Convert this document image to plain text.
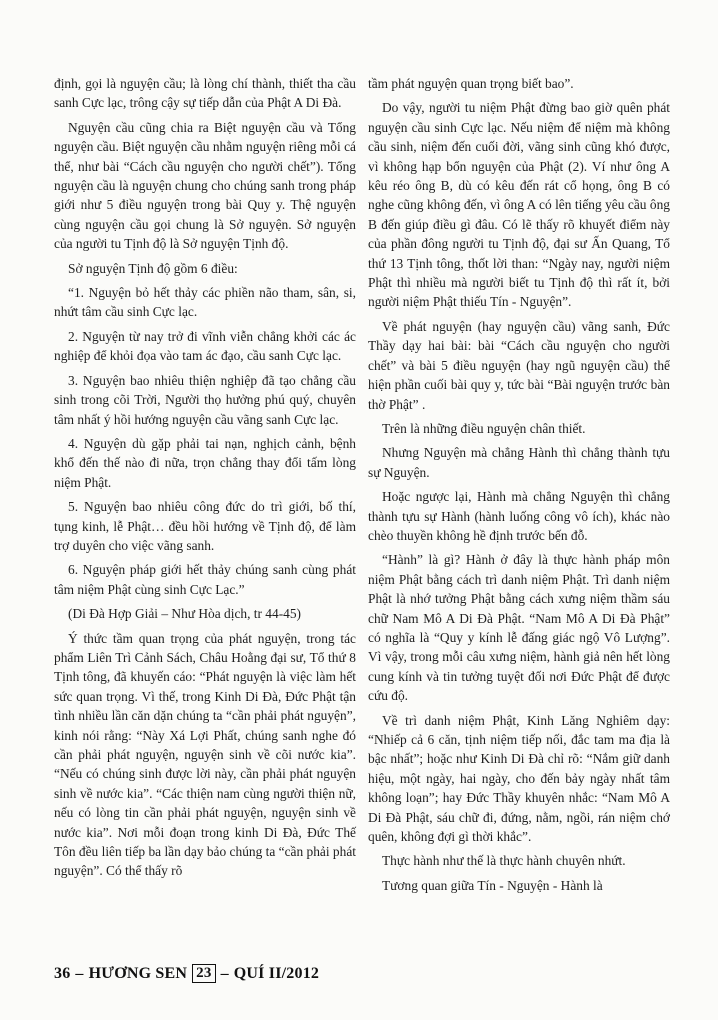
định, gọi là nguyện cầu; là lòng chí thành, thiết tha cầu sanh Cực lạc, trông cậy sự tiếp dẫn của Phật A Di Đà.

Nguyện cầu cũng chia ra Biệt nguyện cầu và Tổng nguyện cầu. Biệt nguyện cầu nhằm nguyện riêng mỗi cá thể, như bài “Cách cầu nguyện cho người chết”). Tổng nguyện cầu là nguyện chung cho chúng sanh trong pháp giới như 5 điều nguyện trong bài Quy y. Thệ nguyện cùng nguyện cầu gọi chung là Sở nguyện. Sở nguyện của người tu Tịnh độ là Sở nguyện Tịnh độ.

Sở nguyện Tịnh độ gồm 6 điều:

“1. Nguyện bỏ hết thảy các phiền não tham, sân, si, nhứt tâm cầu sinh Cực lạc.

2. Nguyện từ nay trở đi vĩnh viễn chẳng khởi các ác nghiệp để khỏi đọa vào tam ác đạo, cầu sanh Cực lạc.

3. Nguyện bao nhiêu thiện nghiệp đã tạo chẳng cầu sinh trong cõi Trời, Người thọ hưởng phú quý, chuyên tâm nhất ý hồi hướng nguyện cầu vãng sanh Cực lạc.

4. Nguyện dù gặp phải tai nạn, nghịch cảnh, bệnh khổ đến thế nào đi nữa, trọn chẳng thay đổi tấm lòng niệm Phật.

5. Nguyện bao nhiêu công đức do trì giới, bố thí, tụng kinh, lễ Phật… đều hồi hướng về Tịnh độ, để làm trợ duyên cho việc vãng sanh.

6. Nguyện pháp giới hết thảy chúng sanh cùng phát tâm niệm Phật cùng sinh Cực Lạc.”

(Di Đà Hợp Giải – Như Hòa dịch, tr 44-45)

Ý thức tầm quan trọng của phát nguyện, trong tác phẩm Liên Trì Cảnh Sách, Châu Hoằng đại sư, Tổ thứ 8 Tịnh tông, đã khuyến cáo: “Phát nguyện là việc làm hết sức quan trọng. Vì thế, trong Kinh Di Đà, Đức Phật tận tình nhiều lần căn dặn chúng ta “cần phải phát nguyện”, kinh nói rằng: “Này Xá Lợi Phất, chúng sanh nghe đó cần phải phát nguyện, nguyện sinh về cõi nước kia”. “Nếu có chúng sinh được lời này, cần phải phát nguyện sinh về nước kia”. “Các thiện nam cùng người thiện nữ, nếu có lòng tin cần phải phát nguyện, nguyện sinh về nước kia”. Nơi mỗi đoạn trong kinh Di Đà, Đức Thế Tôn đều liên tiếp ba lần dạy bảo chúng ta “cần phải phát nguyện”. Có thể thấy rõ

tầm phát nguyện quan trọng biết bao”.

Do vậy, người tu niệm Phật đừng bao giờ quên phát nguyện cầu sinh Cực lạc. Nếu niệm để niệm mà không cầu sinh, niệm đến cuối đời, vãng sinh cũng khó được, vì không hạp bổn nguyện của Phật (2). Ví như ông A kêu réo ông B, dù có kêu đến rát cổ họng, ông B có nghe cũng không đến, vì ông A có lên tiếng yêu cầu ông B đến giúp điều gì đâu. Có lẽ thấy rõ khuyết điểm này của phần đông người tu Tịnh độ, đại sư Ấn Quang, Tổ thứ 13 Tịnh tông, thốt lời than: “Ngày nay, người niệm Phật thì nhiều mà người biết tu Tịnh độ thì rất ít, bởi người niệm Phật thiếu Tín - Nguyện”.

Về phát nguyện (hay nguyện cầu) vãng sanh, Đức Thầy dạy hai bài: bài “Cách cầu nguyện cho người chết” và bài 5 điều nguyện (hay ngũ nguyện cầu) thể hiện phần cuối bài quy y, tức bài “Bài nguyện trước bàn thờ Phật” .

Trên là những điều nguyện chân thiết.

Nhưng Nguyện mà chẳng Hành thì chẳng thành tựu sự Nguyện.

Hoặc ngược lại, Hành mà chẳng Nguyện thì chẳng thành tựu sự Hành (hành luống công vô ích), khác nào chèo thuyền không hề định trước bến đỗ.

“Hành” là gì? Hành ở đây là thực hành pháp môn niệm Phật bằng cách trì danh niệm Phật. Trì danh niệm Phật là nhớ tưởng Phật bằng cách xưng niệm thầm sáu chữ Nam Mô A Di Đà Phật. “Nam Mô A Di Đà Phật” có nghĩa là “Quy y kính lễ đấng giác ngộ Vô Lượng”. Vì vậy, trong mỗi câu xưng niệm, hành giả nên hết lòng cung kính và tin tưởng tuyệt đối nơi Đức Phật để được cứu độ.

Về trì danh niệm Phật, Kinh Lăng Nghiêm dạy: “Nhiếp cả 6 căn, tịnh niệm tiếp nối, đắc tam ma địa là bậc nhất”; hoặc như Kinh Di Đà chỉ rõ: “Nắm giữ danh hiệu, một ngày, hai ngày, cho đến bảy ngày nhất tâm không loạn”; hay Đức Thầy khuyên nhắc: “Nam Mô A Di Đà Phật, sáu chữ đi, đứng, nằm, ngồi, rán niệm chớ quên, không đợi gì thời khắc”.

Thực hành như thế là thực hành chuyên nhứt.

Tương quan giữa Tín - Nguyện - Hành là

36 – HƯƠNG SEN 23 – QUÍ II/2012
